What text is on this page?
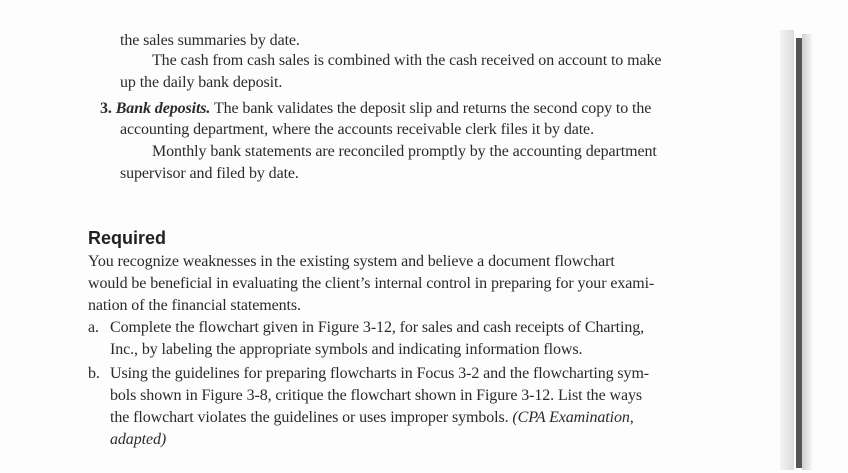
the sales summaries by date.
The cash from cash sales is combined with the cash received on account to make
up the daily bank deposit.
3. Bank deposits. The bank validates the deposit slip and returns the second copy to the
accounting department, where the accounts receivable clerk files it by date.
Monthly bank statements are reconciled promptly by the accounting department
supervisor and filed by date.
Required
You recognize weaknesses in the existing system and believe a document flowchart
would be beneficial in evaluating the client’s internal control in preparing for your exami-
nation of the financial statements.
a. Complete the flowchart given in Figure 3-12, for sales and cash receipts of Charting,
Inc., by labeling the appropriate symbols and indicating information flows.
b. Using the guidelines for preparing flowcharts in Focus 3-2 and the flowcharting sym-
bols shown in Figure 3-8, critique the flowchart shown in Figure 3-12. List the ways
the flowchart violates the guidelines or uses improper symbols. (CPA Examination,
adapted)
